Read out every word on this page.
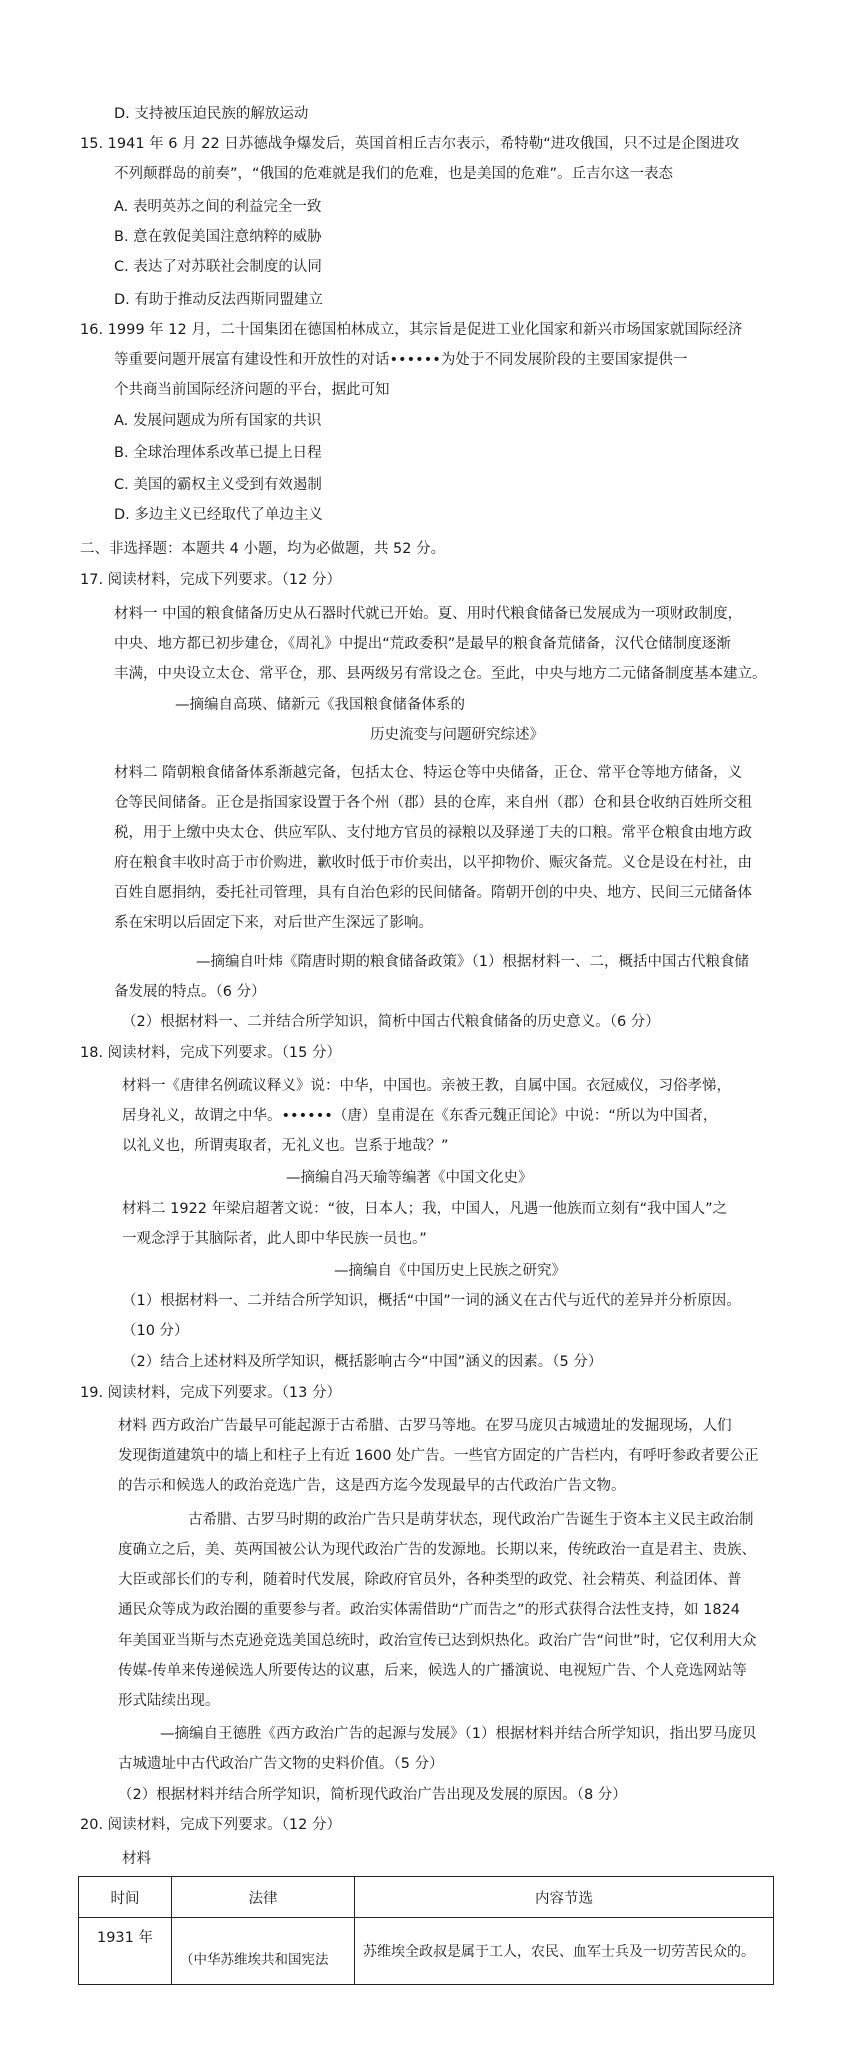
D. 支持被压迫民族的解放运动
15. 1941 年 6 月 22 日苏德战争爆发后，英国首相丘吉尔表示，希特勒“进攻俄国，只不过是企图进攻
不列颠群岛的前奏”，“俄国的危难就是我们的危难，也是美国的危难”。丘吉尔这一表态
A. 表明英苏之间的利益完全一致
B. 意在敦促美国注意纳粹的威胁
C. 表达了对苏联社会制度的认同
D. 有助于推动反法西斯同盟建立
16. 1999 年 12 月，二十国集团在德国柏林成立，其宗旨是促进工业化国家和新兴市场国家就国际经济
等重要问题开展富有建设性和开放性的对话••••••为处于不同发展阶段的主要国家提供一
个共商当前国际经济问题的平台，据此可知
A. 发展问题成为所有国家的共识
B. 全球治理体系改革已提上日程
C. 美国的霸权主义受到有效遏制
D. 多边主义已经取代了单边主义
二、非选择题：本题共 4 小题，均为必做题，共 52 分。
17. 阅读材料，完成下列要求。（12 分）
材料一 中国的粮食储备历史从石器时代就已开始。夏、用时代粮食储备已发展成为一项财政制度，
中央、地方都已初步建仓，《周礼》中提出“荒政委积”是最早的粮食备荒储备，汉代仓储制度逐渐
丰满，中央设立太仓、常平仓，那、县两级另有常设之仓。至此，中央与地方二元储备制度基本建立。
—摘编自高瑛、储新元《我国粮食储备体系的
历史流变与问题研究综述》
材料二 隋朝粮食储备体系渐越完备，包括太仓、特运仓等中央储备，正仓、常平仓等地方储备，义
仓等民间储备。正仓是指国家设置于各个州（郡）县的仓库，来自州（郡）仓和县仓收纳百姓所交租
税，用于上缴中央太仓、供应军队、支付地方官员的禄粮以及驿递丁夫的口粮。常平仓粮食由地方政
府在粮食丰收时高于市价购进，歉收时低于市价卖出，以平抑物价、赈灾备荒。义仓是设在村社，由
百姓自愿捐纳，委托社司管理，具有自治色彩的民间储备。隋朝开创的中央、地方、民间三元储备体
系在宋明以后固定下来，对后世产生深远了影响。
—摘编自叶炜《隋唐时期的粮食储备政策》（1）根据材料一、二，概括中国古代粮食储
备发展的特点。（6 分）
（2）根据材料一、二并结合所学知识，简析中国古代粮食储备的历史意义。（6 分）
18. 阅读材料，完成下列要求。（15 分）
材料一《唐律名例疏议释义》说：中华，中国也。亲被王教，自属中国。衣冠威仪，习俗孝悌，
居身礼义，故谓之中华。••••••（唐）皇甫湜在《东香元魏正闰论》中说：“所以为中国者，
以礼义也，所谓夷取者，无礼义也。岂系于地哉？”
—摘编自冯天瑜等编著《中国文化史》
材料二 1922 年梁启超著文说：“彼，日本人；我，中国人，凡遇一他族而立刻有“我中国人”之
一观念浮于其脑际者，此人即中华民族一员也。”
—摘编自《中国历史上民族之研究》
（1）根据材料一、二并结合所学知识，概括“中国”一词的涵义在古代与近代的差异并分析原因。
（10 分）
（2）结合上述材料及所学知识，概括影响古今“中国”涵义的因素。（5 分）
19. 阅读材料，完成下列要求。（13 分）
材料 西方政治广告最早可能起源于古希腊、古罗马等地。在罗马庞贝古城遗址的发掘现场，人们
发现街道建筑中的墙上和柱子上有近 1600 处广告。一些官方固定的广告栏内，有呼吁参政者要公正
的告示和候选人的政治竞选广告，这是西方迄今发现最早的古代政治广告文物。
古希腊、古罗马时期的政治广告只是萌芽状态，现代政治广告诞生于资本主义民主政治制
度确立之后，美、英两国被公认为现代政治广告的发源地。长期以来，传统政治一直是君主、贵族、
大臣或部长们的专利，随着时代发展，除政府官员外，各种类型的政党、社会精英、利益团体、普
通民众等成为政治圈的重要参与者。政治实体需借助“广而告之”的形式获得合法性支持，如 1824
年美国亚当斯与杰克逊竞选美国总统时，政治宣传已达到炽热化。政治广告“问世”时，它仅利用大众
传媒-传单来传递候选人所要传达的议惠，后来，候选人的广播演说、电视短广告、个人竞选网站等
形式陆续出现。
—摘编自王德胜《西方政治广告的起源与发展》（1）根据材料并结合所学知识，指出罗马庞贝
古城遗址中古代政治广告文物的史料价值。（5 分）
（2）根据材料并结合所学知识，简析现代政治广告出现及发展的原因。（8 分）
20. 阅读材料，完成下列要求。（12 分）
材料
时间	法律	内容节选
1931 年	（中华苏维埃共和国宪法	苏维埃全政叔是属于工人，农民、血军士兵及一切劳苦民众的。
